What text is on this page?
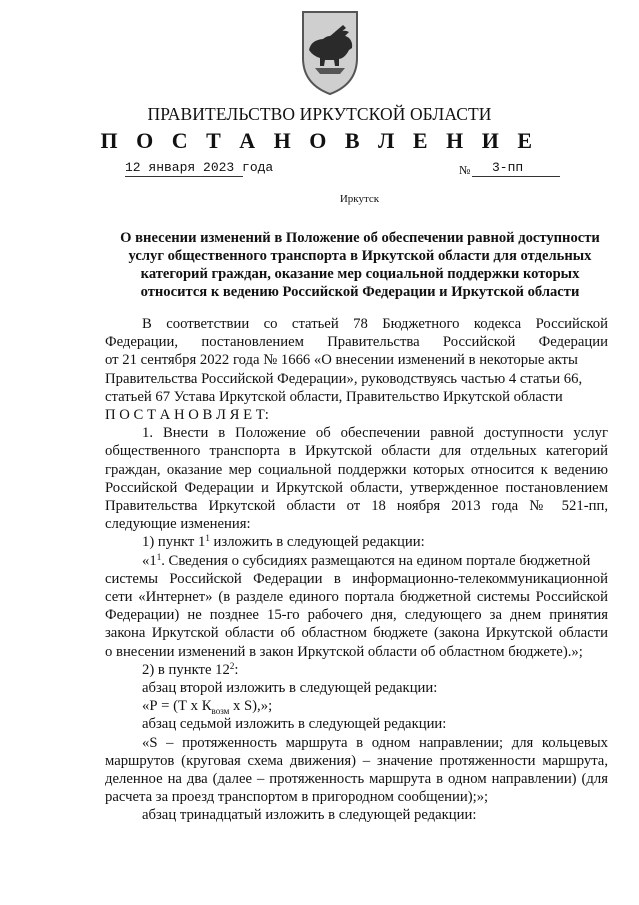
ПРАВИТЕЛЬСТВО ИРКУТСКОЙ ОБЛАСТИ
П О С Т А Н О В Л Е Н И Е
12 января 2023 года	№	3-пп
Иркутск
О внесении изменений в Положение об обеспечении равной доступности
услуг общественного транспорта в Иркутской области для отдельных
категорий граждан, оказание мер социальной поддержки которых
относится к ведению Российской Федерации и Иркутской области
В соответствии со статьей 78 Бюджетного кодекса Российской
Федерации, постановлением Правительства Российской Федерации
от 21 сентября 2022 года № 1666 «О внесении изменений в некоторые акты
Правительства Российской Федерации», руководствуясь частью 4 статьи 66,
статьей 67 Устава Иркутской области, Правительство Иркутской области
П О С Т А Н О В Л Я Е Т:
1. Внести в Положение об обеспечении равной доступности услуг
общественного транспорта в Иркутской области для отдельных категорий
граждан, оказание мер социальной поддержки которых относится к ведению
Российской Федерации и Иркутской области, утвержденное постановлением
Правительства Иркутской области от 18 ноября 2013 года № 521-пп,
следующие изменения:
1) пункт $1^1$ изложить в следующей редакции:
«$1^1$. Сведения о субсидиях размещаются на едином портале бюджетной
системы Российской Федерации в информационно-телекоммуникационной
сети «Интернет» (в разделе единого портала бюджетной системы Российской
Федерации) не позднее 15-го рабочего дня, следующего за днем принятия
закона Иркутской области об областном бюджете (закона Иркутской области
о внесении изменений в закон Иркутской области об областном бюджете).»;
2) в пункте $12^2$:
абзац второй изложить в следующей редакции:
«Р = (Т х $К_{возм}$ х S),»;
абзац седьмой изложить в следующей редакции:
«S – протяженность маршрута в одном направлении; для кольцевых
маршрутов (круговая схема движения) – значение протяженности маршрута,
деленное на два (далее – протяженность маршрута в одном направлении) (для
расчета за проезд транспортом в пригородном сообщении);»;
абзац тринадцатый изложить в следующей редакции:
